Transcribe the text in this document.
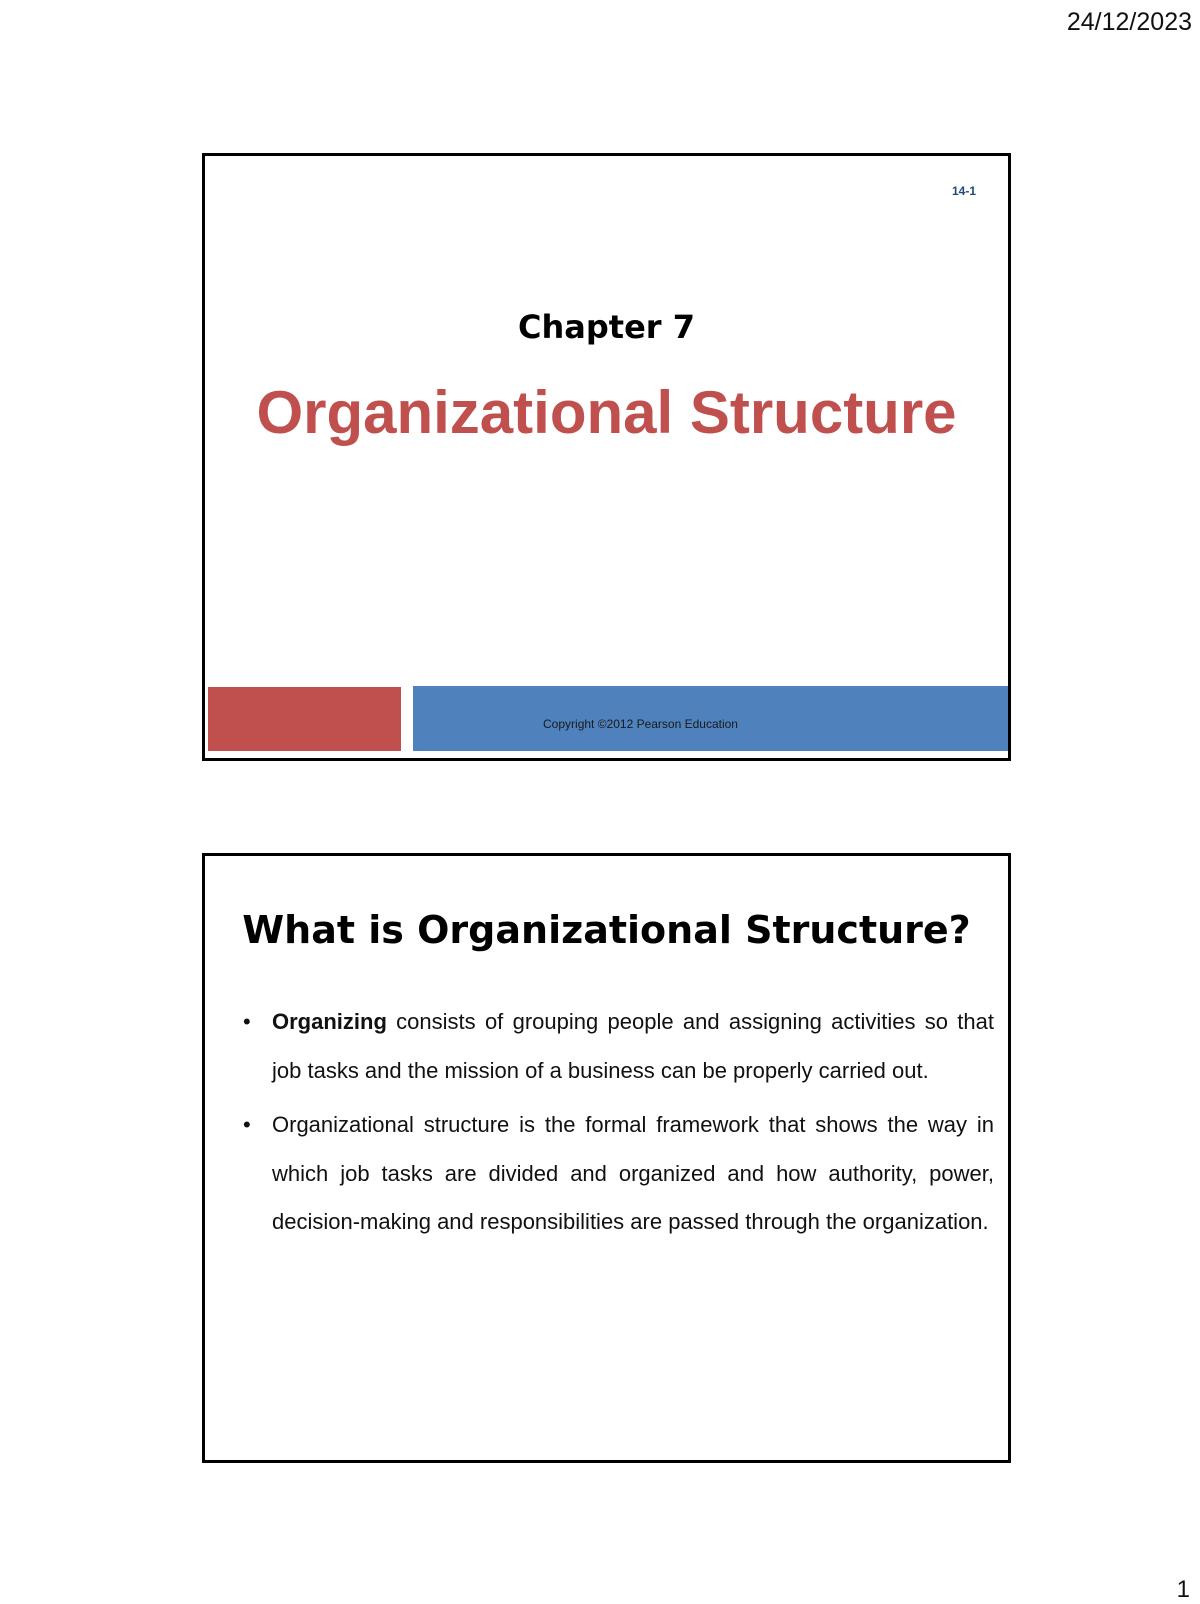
24/12/2023
14-1
Chapter 7
Organizational Structure
Copyright ©2012 Pearson Education
What is Organizational Structure?
• Organizing consists of grouping people and assigning activities so that job tasks and the mission of a business can be properly carried out.
• Organizational structure is the formal framework that shows the way in which job tasks are divided and organized and how authority, power, decision-making and responsibilities are passed through the organization.
1
